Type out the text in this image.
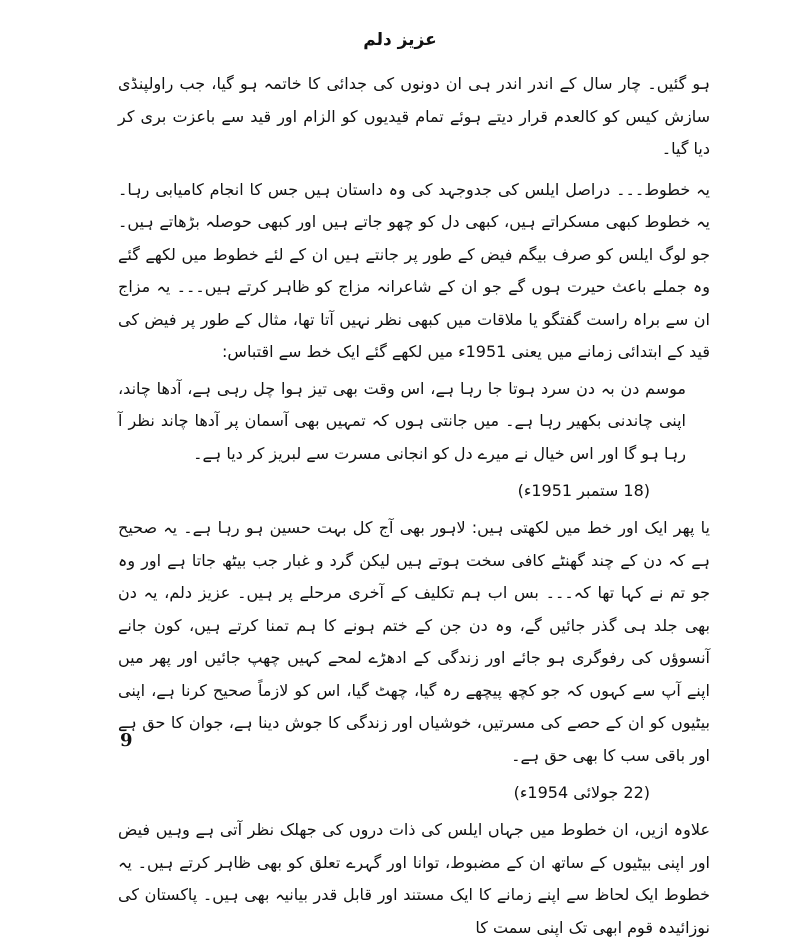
عزیز دلم

ہو گئیں۔ چار سال کے اندر اندر ہی ان دونوں کی جدائی کا خاتمہ ہو گیا، جب راولپنڈی سازش کیس کو کالعدم قرار دیتے ہوئے تمام قیدیوں کو الزام اور قید سے باعزت بری کر دیا گیا۔

یہ خطوط۔۔۔ دراصل ایلس کی جدوجہد کی وہ داستان ہیں جس کا انجام کامیابی رہا۔ یہ خطوط کبھی مسکراتے ہیں، کبھی دل کو چھو جاتے ہیں اور کبھی حوصلہ بڑھاتے ہیں۔ جو لوگ ایلس کو صرف بیگم فیض کے طور پر جانتے ہیں ان کے لئے خطوط میں لکھے گئے وہ جملے باعث حیرت ہوں گے جو ان کے شاعرانہ مزاج کو ظاہر کرتے ہیں۔۔۔ یہ مزاج ان سے براہ راست گفتگو یا ملاقات میں کبھی نظر نہیں آتا تھا، مثال کے طور پر فیض کی قید کے ابتدائی زمانے میں یعنی 1951ء میں لکھے گئے ایک خط سے اقتباس:

موسم دن بہ دن سرد ہوتا جا رہا ہے، اس وقت بھی تیز ہوا چل رہی ہے، آدھا چاند، اپنی چاندنی بکھیر رہا ہے۔ میں جانتی ہوں کہ تمہیں بھی آسمان پر آدھا چاند نظر آ رہا ہو گا اور اس خیال نے میرے دل کو انجانی مسرت سے لبریز کر دیا ہے۔

(18 ستمبر 1951ء)

یا پھر ایک اور خط میں لکھتی ہیں: لاہور بھی آج کل بہت حسین ہو رہا ہے۔ یہ صحیح ہے کہ دن کے چند گھنٹے کافی سخت ہوتے ہیں لیکن گرد و غبار جب بیٹھ جاتا ہے اور وہ جو تم نے کہا تھا کہ۔۔۔ بس اب ہم تکلیف کے آخری مرحلے پر ہیں۔ عزیز دلم، یہ دن بھی جلد ہی گذر جائیں گے، وہ دن جن کے ختم ہونے کا ہم تمنا کرتے ہیں، کون جانے آنسوؤں کی رفوگری ہو جائے اور زندگی کے ادھڑے لمحے کہیں چھپ جائیں اور پھر میں اپنے آپ سے کہوں کہ جو کچھ پیچھے رہ گیا، چھٹ گیا، اس کو لازماً صحیح کرنا ہے، اپنی بیٹیوں کو ان کے حصے کی مسرتیں، خوشیاں اور زندگی کا جوش دینا ہے، جوان کا حق ہے اور باقی سب کا بھی حق ہے۔

(22 جولائی 1954ء)

علاوہ ازیں، ان خطوط میں جہاں ایلس کی ذات دروں کی جھلک نظر آتی ہے وہیں فیض اور اپنی بیٹیوں کے ساتھ ان کے مضبوط، توانا اور گہرے تعلق کو بھی ظاہر کرتے ہیں۔ یہ خطوط ایک لحاظ سے اپنے زمانے کا ایک مستند اور قابل قدر بیانیہ بھی ہیں۔ پاکستان کی نوزائیدہ قوم ابھی تک اپنی سمت کا

9
